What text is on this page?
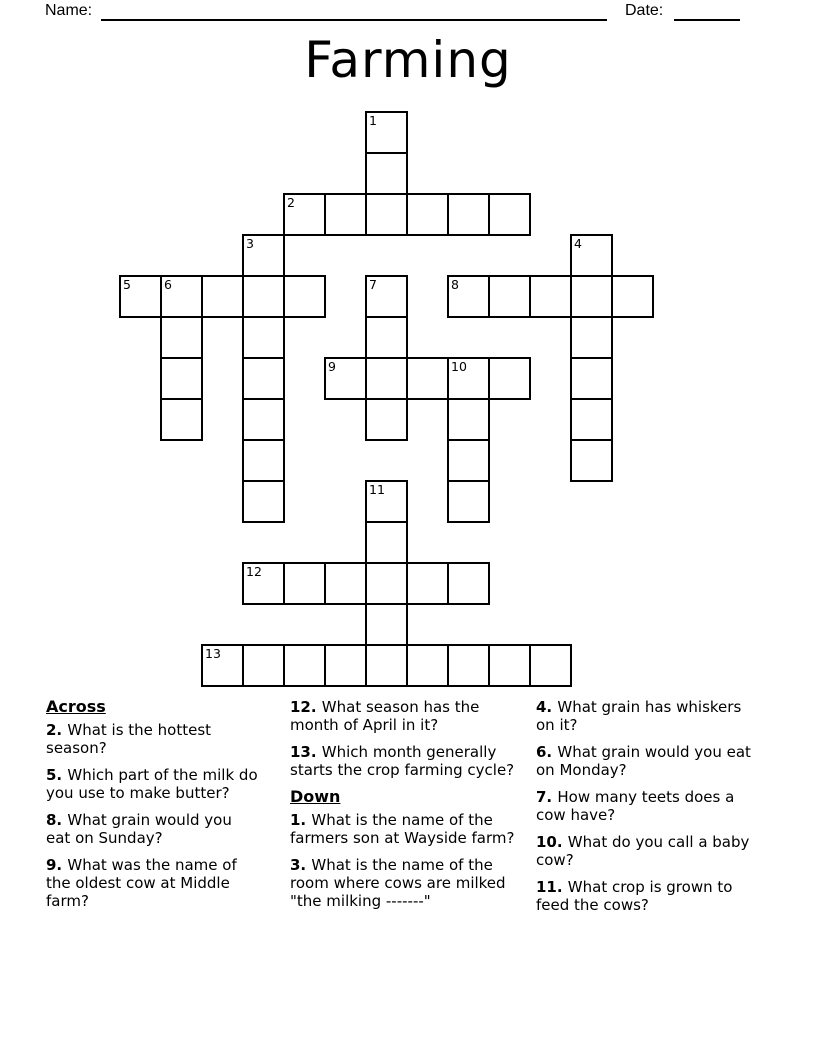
Name:	Date:
Farming
1
2
3	4
5	6	7	8
9	10
11
12
13
Across

2. What is the hottest season?

5. Which part of the milk do you use to make butter?

8. What grain would you eat on Sunday?

9. What was the name of the oldest cow at Middle farm?

12. What season has the month of April in it?

13. Which month generally starts the crop farming cycle?

Down

1. What is the name of the farmers son at Wayside farm?

3. What is the name of the room where cows are milked "the milking -------"

4. What grain has whiskers on it?

6. What grain would you eat on Monday?

7. How many teets does a cow have?

10. What do you call a baby cow?

11. What crop is grown to feed the cows?
